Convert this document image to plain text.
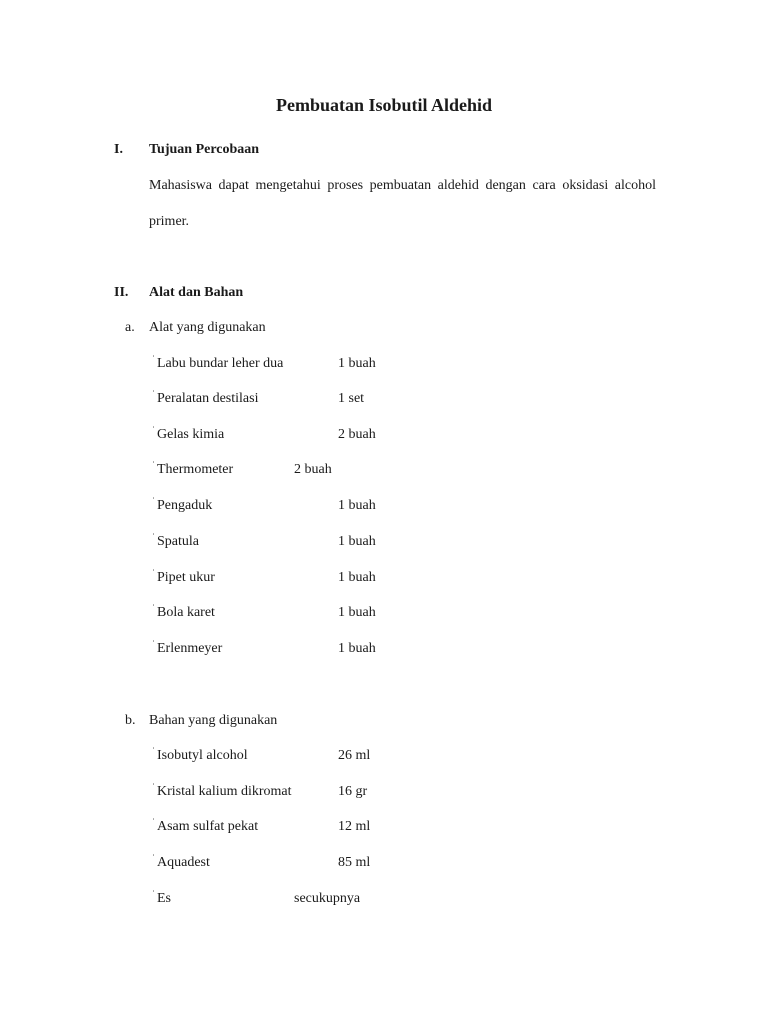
Pembuatan Isobutil Aldehid
I. Tujuan Percobaan
Mahasiswa dapat mengetahui proses pembuatan aldehid dengan cara oksidasi alcohol primer.
II. Alat dan Bahan
a. Alat yang digunakan
˙ Labu bundar leher dua	1 buah
˙ Peralatan destilasi	1 set
˙ Gelas kimia	2 buah
˙ Thermometer	2 buah
˙ Pengaduk	1 buah
˙ Spatula	1 buah
˙ Pipet ukur	1 buah
˙ Bola karet	1 buah
˙ Erlenmeyer	1 buah
b. Bahan yang digunakan
˙ Isobutyl alcohol	26 ml
˙ Kristal kalium dikromat	16 gr
˙ Asam sulfat pekat	12 ml
˙ Aquadest	85 ml
˙ Es	secukupnya
